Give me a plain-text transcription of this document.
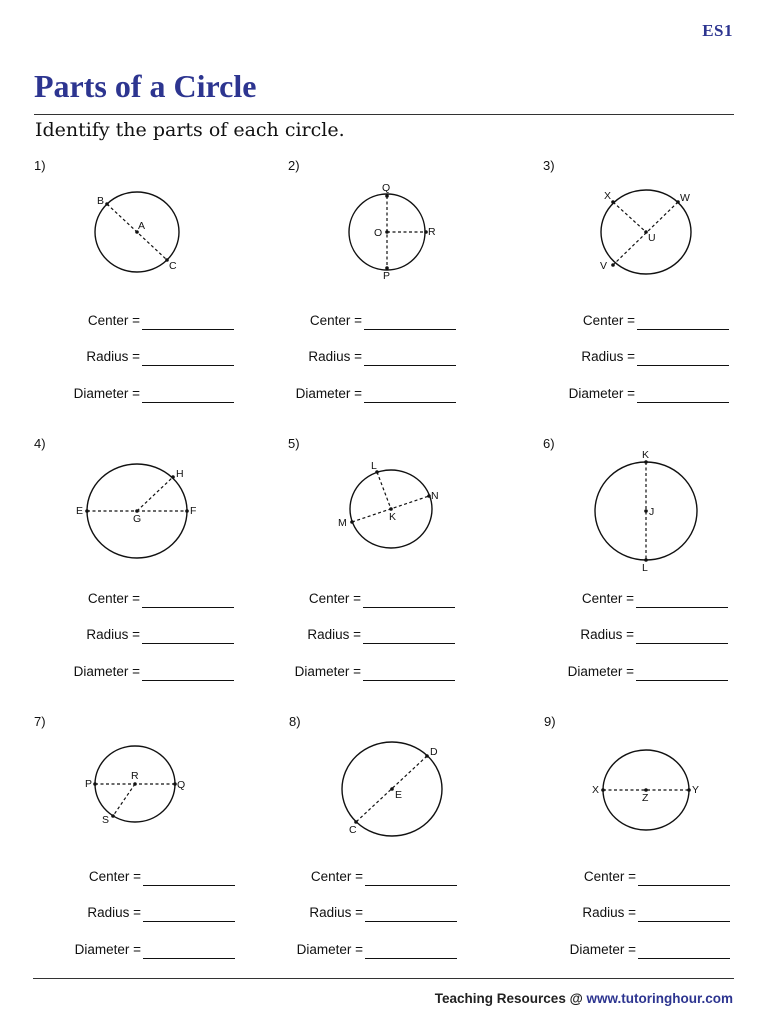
ES1
Parts of a Circle
Identify the parts of each circle.
1)
B
A
C
Center =
Radius =
Diameter =
2)
Q
O	R
P
Center =
Radius =
Diameter =
3)
X	W
U
V
Center =
Radius =
Diameter =
4)
E
G
F
H
Center =
Radius =
Diameter =
5)
L
N
K
M
Center =
Radius =
Diameter =
6)
K
J
L
Center =
Radius =
Diameter =
7)
P
R
Q
S
Center =
Radius =
Diameter =
8)
D
E
C
Center =
Radius =
Diameter =
9)
X
Z
Y
Center =
Radius =
Diameter =
Teaching Resources @ www.tutoringhour.com
